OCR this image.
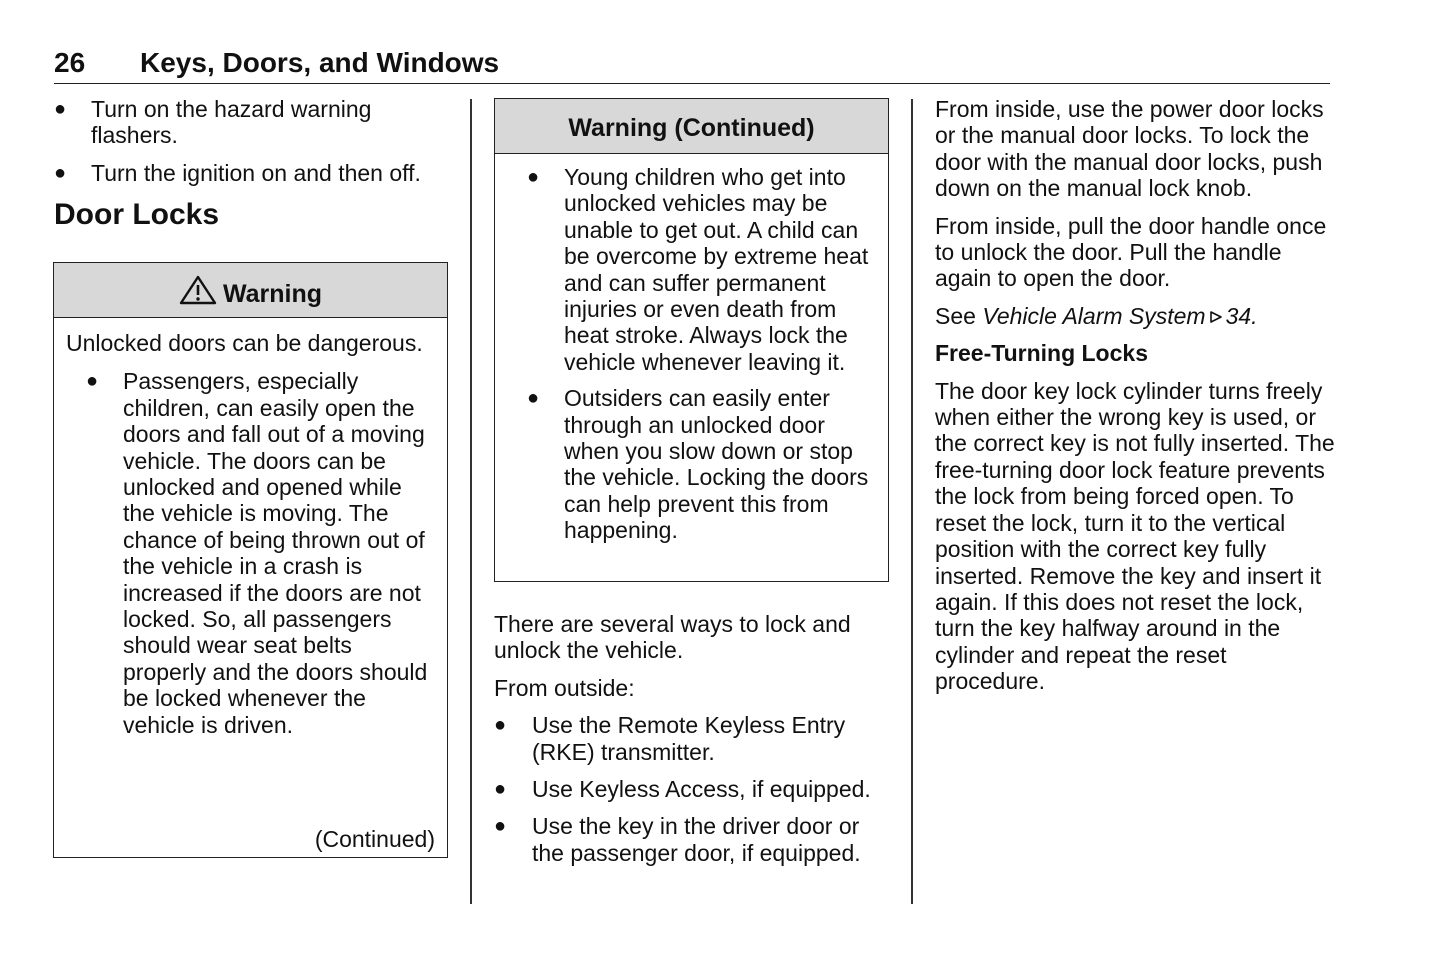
26 Keys, Doors, and Windows
● Turn on the hazard warning flashers.
● Turn the ignition on and then off.
Door Locks
Warning

Unlocked doors can be dangerous.

● Passengers, especially children, can easily open the doors and fall out of a moving vehicle. The doors can be unlocked and opened while the vehicle is moving. The chance of being thrown out of the vehicle in a crash is increased if the doors are not locked. So, all passengers should wear seat belts properly and the doors should be locked whenever the vehicle is driven.
(Continued)
Warning (Continued)
● Young children who get into unlocked vehicles may be unable to get out. A child can be overcome by extreme heat and can suffer permanent injuries or even death from heat stroke. Always lock the vehicle whenever leaving it.
● Outsiders can easily enter through an unlocked door when you slow down or stop the vehicle. Locking the doors can help prevent this from happening.

There are several ways to lock and unlock the vehicle.

From outside:

● Use the Remote Keyless Entry (RKE) transmitter.
● Use Keyless Access, if equipped.
● Use the key in the driver door or the passenger door, if equipped.

From inside, use the power door locks or the manual door locks. To lock the door with the manual door locks, push down on the manual lock knob.

From inside, pull the door handle once to unlock the door. Pull the handle again to open the door.

See Vehicle Alarm System 34.

Free-Turning Locks

The door key lock cylinder turns freely when either the wrong key is used, or the correct key is not fully inserted. The free-turning door lock feature prevents the lock from being forced open. To reset the lock, turn it to the vertical position with the correct key fully inserted. Remove the key and insert it again. If this does not reset the lock, turn the key halfway around in the cylinder and repeat the reset procedure.
